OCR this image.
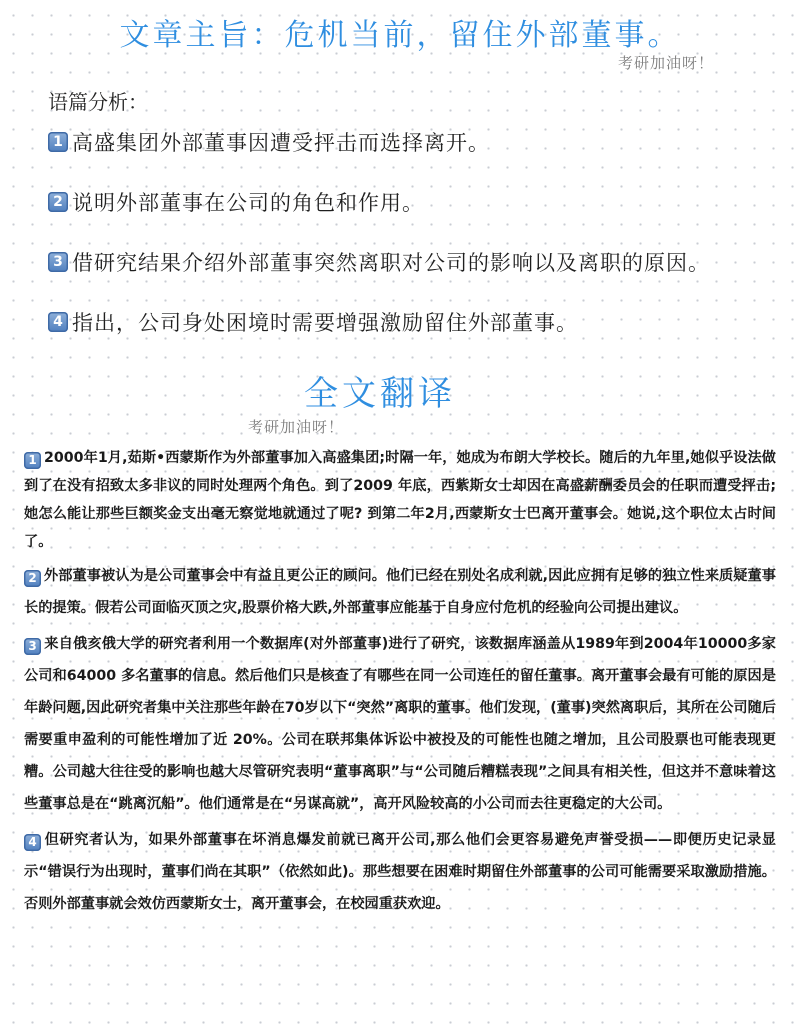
文章主旨：危机当前，留住外部董事。
考研加油呀！
语篇分析：
1 高盛集团外部董事因遭受抨击而选择离开。
2 说明外部董事在公司的角色和作用。
3 借研究结果介绍外部董事突然离职对公司的影响以及离职的原因。
4 指出，公司身处困境时需要增强激励留住外部董事。
全文翻译
考研加油呀！

1 2000年1月,茹斯•西蒙斯作为外部董事加入高盛集团;时隔一年，她成为布朗大学校长。随后的九年里,她似乎设法做到了在没有招致太多非议的同时处理两个角色。到了2009 年底，西紫斯女士却因在高盛薪酬委员会的任职而遭受抨击;她怎么能让那些巨额奖金支出毫无察觉地就通过了呢? 到第二年2月,西蒙斯女士巴离开董事会。她说,这个职位太占时间了。

2 外部董事被认为是公司董事会中有益且更公正的顾问。他们已经在别处名成利就,因此应拥有足够的独立性来质疑董事长的提策。假若公司面临灭顶之灾,股票价格大跌,外部董事应能基于自身应付危机的经验向公司提出建议。

3 来自俄亥俄大学的研究者利用一个数据库(对外部董事)进行了研究，该数据库涵盖从1989年到2004年10000多家公司和64000 多名董事的信息。然后他们只是核查了有哪些在同一公司连任的留任董事。离开董事会最有可能的原因是年龄问题,因此研究者集中关注那些年龄在70岁以下“突然”离职的董事。他们发现，(董事)突然离职后，其所在公司随后需要重申盈利的可能性增加了近 20%。公司在联邦集体诉讼中被投及的可能性也随之增加，且公司股票也可能表现更糟。公司越大往往受的影响也越大尽管研究表明“董事离职”与“公司随后糟糕表现”之间具有相关性，但这并不意味着这些董事总是在“跳离沉船”。他们通常是在“另谋高就”，高开风险较高的小公司而去往更稳定的大公司。

4 但研究者认为，如果外部董事在坏消息爆发前就已离开公司,那么他们会更容易避免声誉受损——即便历史记录显示“错误行为出现时，董事们尚在其职”（依然如此)。那些想要在困难时期留住外部董事的公司可能需要采取激励措施。否则外部董事就会效仿西蒙斯女士，离开董事会，在校园重获欢迎。
